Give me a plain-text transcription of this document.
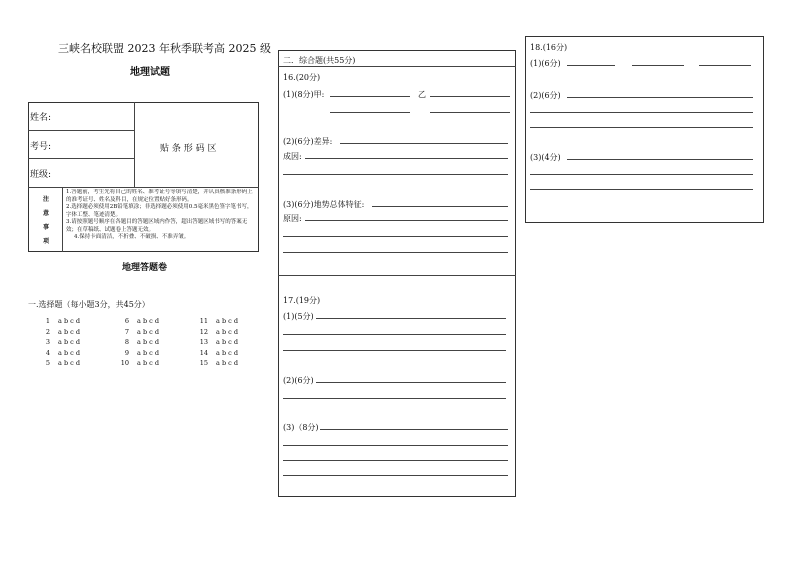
三峡名校联盟 2023 年秋季联考高 2025 级
地理试题
姓名:
考号:
班级:
贴 条 形 码 区
注
意
事
项
1.答题前，考生先将自己的姓名、准考证号等填写清楚，并认真核准条形码上的准考证号、姓名及科目，在规定位置贴好条形码。
2.选择题必须使用2B铅笔填涂；非选择题必须使用0.5毫米黑色签字笔书写，字体工整、笔迹清楚。
3.请按照题号顺序在各题目的答题区域内作答，超出答题区域书写的答案无效；在草稿纸、试题卷上答题无效。
4.保持卡面清洁，不折叠、不破损、不准弄皱。
地理答题卷
一.选择题（每小题3分，共45分）
1 a b c d	6 a b c d	11 a b c d
2 a b c d	7 a b c d	12 a b c d
3 a b c d	8 a b c d	13 a b c d
4 a b c d	9 a b c d	14 a b c d
5 a b c d	10 a b c d	15 a b c d
二．综合题(共55分)
16.(20分)
(1)(8分)甲:	乙
(2)(6分)差异:
成因:
(3)(6分)地势总体特征:
原因:
17.(19分)
(1)(5分)
(2)(6分)
(3)（8分)
18.(16分)
(1)(6分)
(2)(6分)
(3)(4分)
